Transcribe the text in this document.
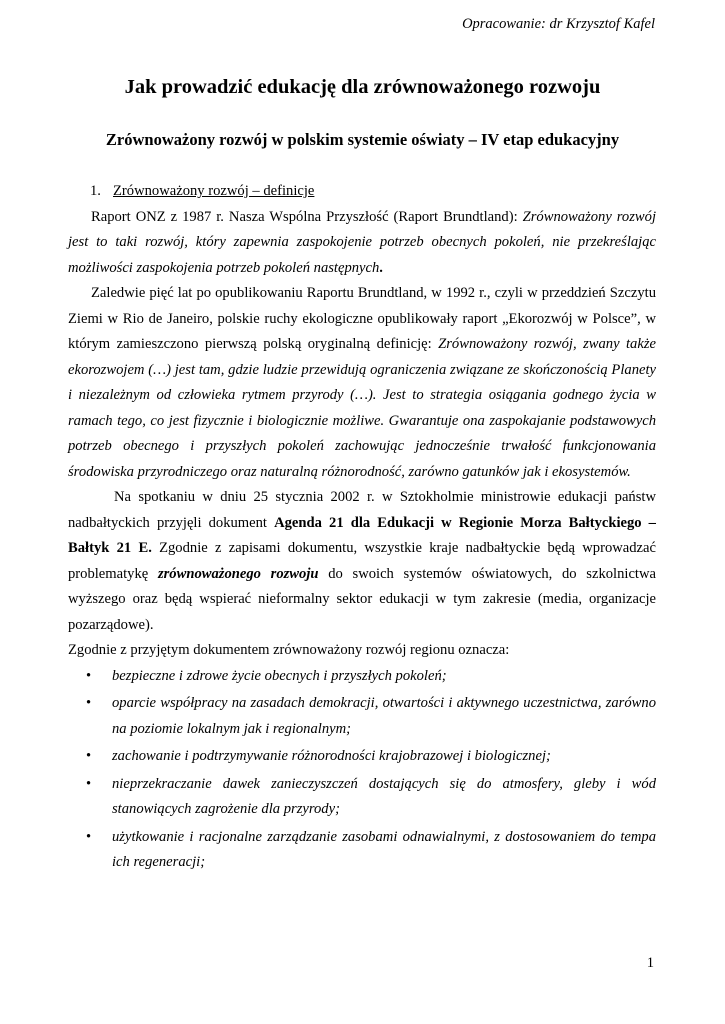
Opracowanie: dr Krzysztof Kafel
Jak prowadzić edukację dla zrównoważonego rozwoju
Zrównoważony rozwój w polskim systemie oświaty – IV etap edukacyjny

1. Zrównoważony rozwój – definicje

Raport ONZ z 1987 r. Nasza Wspólna Przyszłość (Raport Brundtland): Zrównoważony rozwój jest to taki rozwój, który zapewnia zaspokojenie potrzeb obecnych pokoleń, nie przekreślając możliwości zaspokojenia potrzeb pokoleń następnych.

Zaledwie pięć lat po opublikowaniu Raportu Brundtland, w 1992 r., czyli w przeddzień Szczytu Ziemi w Rio de Janeiro, polskie ruchy ekologiczne opublikowały raport „Ekorozwój w Polsce”, w którym zamieszczono pierwszą polską oryginalną definicję: Zrównoważony rozwój, zwany także ekorozwojem (…) jest tam, gdzie ludzie przewidują ograniczenia związane ze skończonością Planety i niezależnym od człowieka rytmem przyrody (…). Jest to strategia osiągania godnego życia w ramach tego, co jest fizycznie i biologicznie możliwe. Gwarantuje ona zaspokajanie podstawowych potrzeb obecnego i przyszłych pokoleń zachowując jednocześnie trwałość funkcjonowania środowiska przyrodniczego oraz naturalną różnorodność, zarówno gatunków jak i ekosystemów.

Na spotkaniu w dniu 25 stycznia 2002 r. w Sztokholmie ministrowie edukacji państw nadbałtyckich przyjęli dokument Agenda 21 dla Edukacji w Regionie Morza Bałtyckiego – Bałtyk 21 E. Zgodnie z zapisami dokumentu, wszystkie kraje nadbałtyckie będą wprowadzać problematykę zrównoważonego rozwoju do swoich systemów oświatowych, do szkolnictwa wyższego oraz będą wspierać nieformalny sektor edukacji w tym zakresie (media, organizacje pozarządowe).

Zgodnie z przyjętym dokumentem zrównoważony rozwój regionu oznacza:

• bezpieczne i zdrowe życie obecnych i przyszłych pokoleń;
• oparcie współpracy na zasadach demokracji, otwartości i aktywnego uczestnictwa, zarówno na poziomie lokalnym jak i regionalnym;
• zachowanie i podtrzymywanie różnorodności krajobrazowej i biologicznej;
• nieprzekraczanie dawek zanieczyszczeń dostających się do atmosfery, gleby i wód stanowiących zagrożenie dla przyrody;
• użytkowanie i racjonalne zarządzanie zasobami odnawialnymi, z dostosowaniem do tempa ich regeneracji;
1
